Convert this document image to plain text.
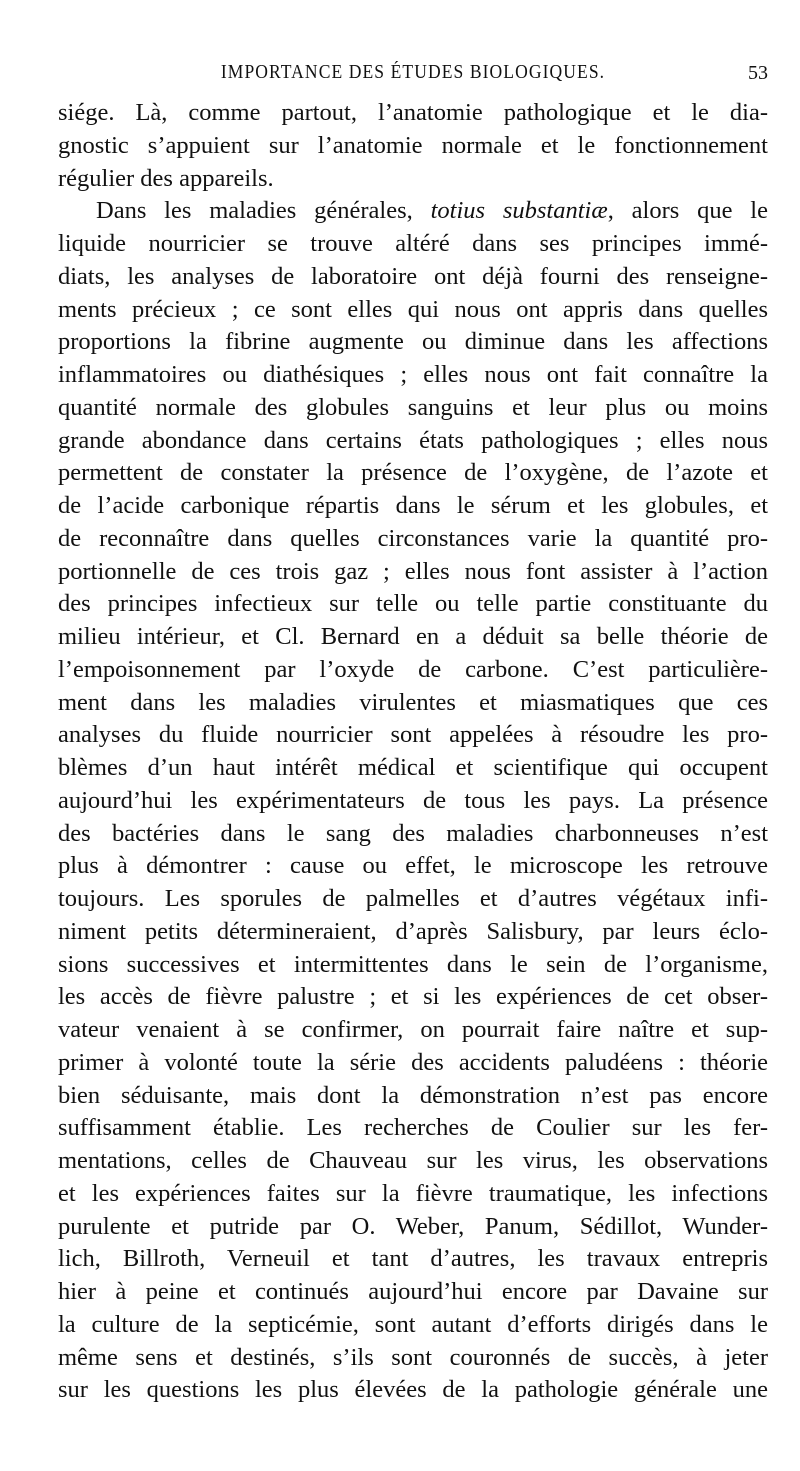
IMPORTANCE DES ÉTUDES BIOLOGIQUES.	53
siége. Là, comme partout, l’anatomie pathologique et le dia-
gnostic s’appuient sur l’anatomie normale et le fonctionnement
régulier des appareils.
Dans les maladies générales, totius substantiæ, alors que le
liquide nourricier se trouve altéré dans ses principes immé-
diats, les analyses de laboratoire ont déjà fourni des renseigne-
ments précieux ; ce sont elles qui nous ont appris dans quelles
proportions la fibrine augmente ou diminue dans les affections
inflammatoires ou diathésiques ; elles nous ont fait connaître la
quantité normale des globules sanguins et leur plus ou moins
grande abondance dans certains états pathologiques ; elles nous
permettent de constater la présence de l’oxygène, de l’azote et
de l’acide carbonique répartis dans le sérum et les globules, et
de reconnaître dans quelles circonstances varie la quantité pro-
portionnelle de ces trois gaz ; elles nous font assister à l’action
des principes infectieux sur telle ou telle partie constituante du
milieu intérieur, et Cl. Bernard en a déduit sa belle théorie de
l’empoisonnement par l’oxyde de carbone. C’est particulière-
ment dans les maladies virulentes et miasmatiques que ces
analyses du fluide nourricier sont appelées à résoudre les pro-
blèmes d’un haut intérêt médical et scientifique qui occupent
aujourd’hui les expérimentateurs de tous les pays. La présence
des bactéries dans le sang des maladies charbonneuses n’est
plus à démontrer : cause ou effet, le microscope les retrouve
toujours. Les sporules de palmelles et d’autres végétaux infi-
niment petits détermineraient, d’après Salisbury, par leurs éclo-
sions successives et intermittentes dans le sein de l’organisme,
les accès de fièvre palustre ; et si les expériences de cet obser-
vateur venaient à se confirmer, on pourrait faire naître et sup-
primer à volonté toute la série des accidents paludéens : théorie
bien séduisante, mais dont la démonstration n’est pas encore
suffisamment établie. Les recherches de Coulier sur les fer-
mentations, celles de Chauveau sur les virus, les observations
et les expériences faites sur la fièvre traumatique, les infections
purulente et putride par O. Weber, Panum, Sédillot, Wunder-
lich, Billroth, Verneuil et tant d’autres, les travaux entrepris
hier à peine et continués aujourd’hui encore par Davaine sur
la culture de la septicémie, sont autant d’efforts dirigés dans le
même sens et destinés, s’ils sont couronnés de succès, à jeter
sur les questions les plus élevées de la pathologie générale une
